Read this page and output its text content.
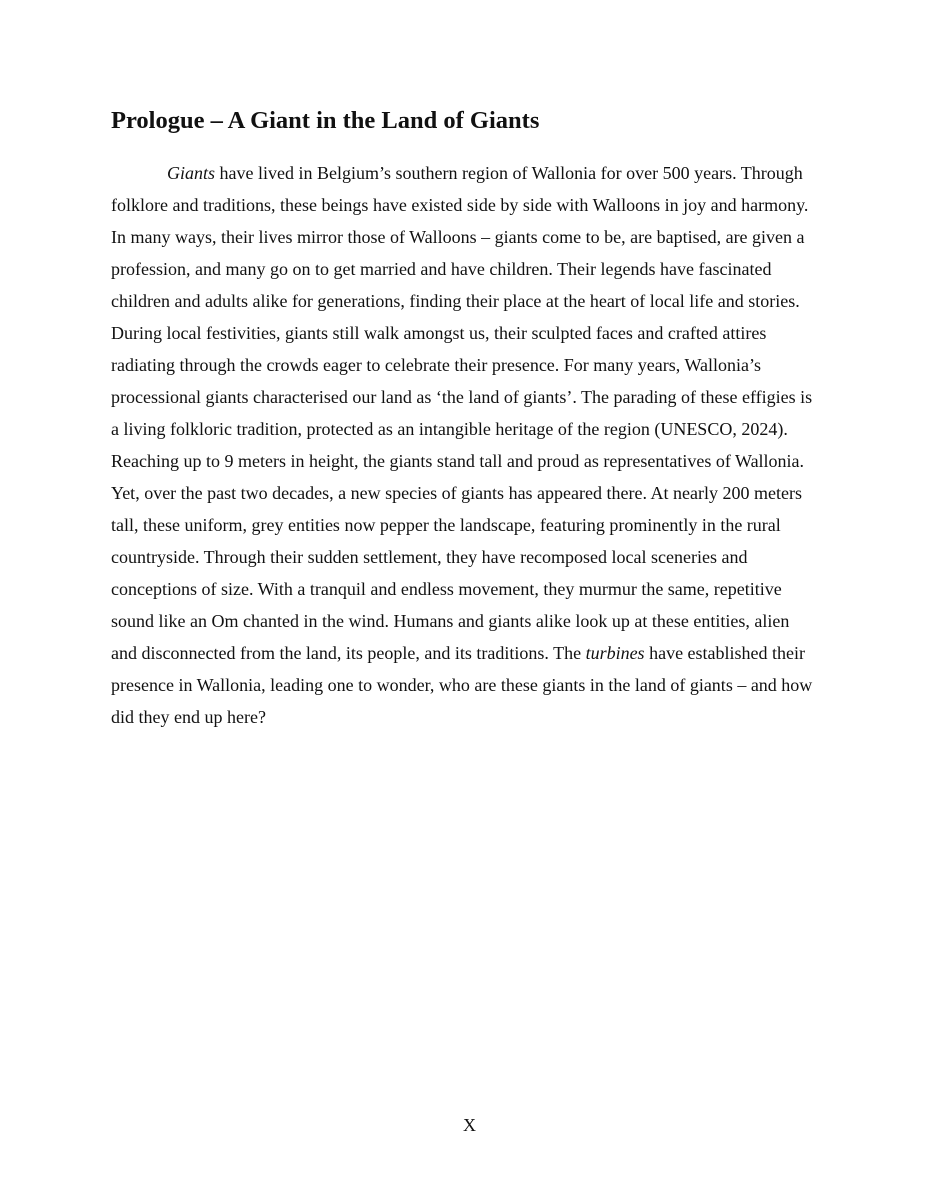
Prologue – A Giant in the Land of Giants
Giants have lived in Belgium’s southern region of Wallonia for over 500 years. Through
folklore and traditions, these beings have existed side by side with Walloons in joy and harmony.
In many ways, their lives mirror those of Walloons – giants come to be, are baptised, are given a
profession, and many go on to get married and have children. Their legends have fascinated
children and adults alike for generations, finding their place at the heart of local life and stories.
During local festivities, giants still walk amongst us, their sculpted faces and crafted attires
radiating through the crowds eager to celebrate their presence. For many years, Wallonia’s
processional giants characterised our land as ‘the land of giants’. The parading of these effigies is
a living folkloric tradition, protected as an intangible heritage of the region (UNESCO, 2024).
Reaching up to 9 meters in height, the giants stand tall and proud as representatives of Wallonia.
Yet, over the past two decades, a new species of giants has appeared there. At nearly 200 meters
tall, these uniform, grey entities now pepper the landscape, featuring prominently in the rural
countryside. Through their sudden settlement, they have recomposed local sceneries and
conceptions of size. With a tranquil and endless movement, they murmur the same, repetitive
sound like an Om chanted in the wind. Humans and giants alike look up at these entities, alien
and disconnected from the land, its people, and its traditions. The turbines have established their
presence in Wallonia, leading one to wonder, who are these giants in the land of giants – and how
did they end up here?
X
